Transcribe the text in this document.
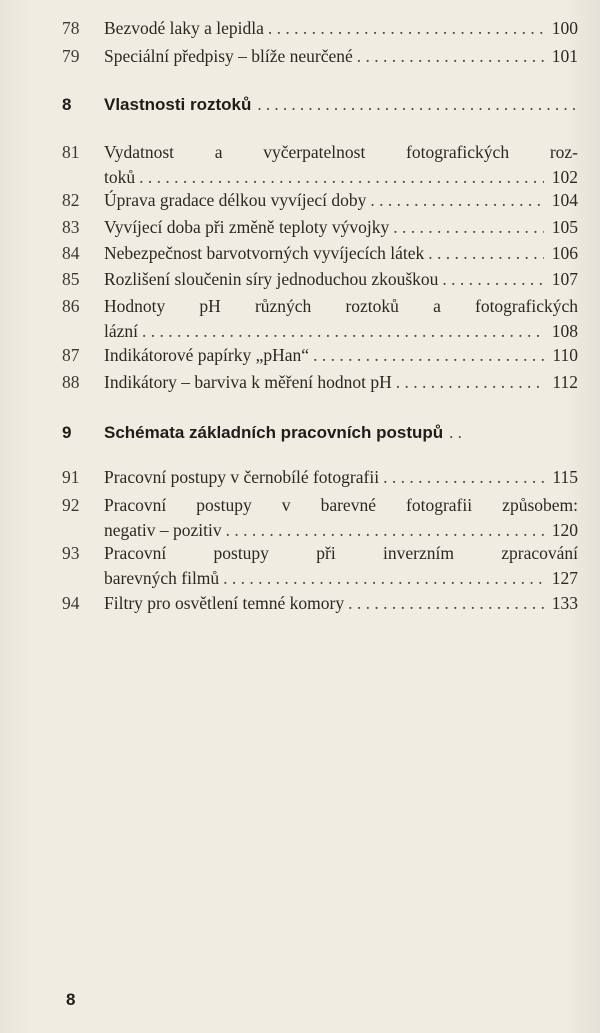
78	Bezvodé laky a lepidla . . .	100
79	Speciální předpisy – blíže neurčené . . .	101
8 Vlastnosti roztoků
. . .
81	Vydatnost a vyčerpatelnost fotografických roz-
toků . . .	102
82	Úprava gradace délkou vyvíjecí doby . . .	104
83	Vyvíjecí doba při změně teploty vývojky . . .	105
84	Nebezpečnost barvotvorných vyvíjecích látek . . .	106
85	Rozlišení sloučenin síry jednoduchou zkouškou . . .	107
86	Hodnoty pH různých roztoků a fotografických
lázní . . .	108
87	Indikátorové papírky „pHan“ . . .	110
88	Indikátory – barviva k měření hodnot pH . . .	112
9 Schémata základních pracovních postupů
. . .
91	Pracovní postupy v černobílé fotografii . . .	115
92	Pracovní postupy v barevné fotografii způsobem:
negativ – pozitiv . . .	120
93	Pracovní postupy při inverzním zpracování
barevných filmů . . .	127
94	Filtry pro osvětlení temné komory . . .	133
8
